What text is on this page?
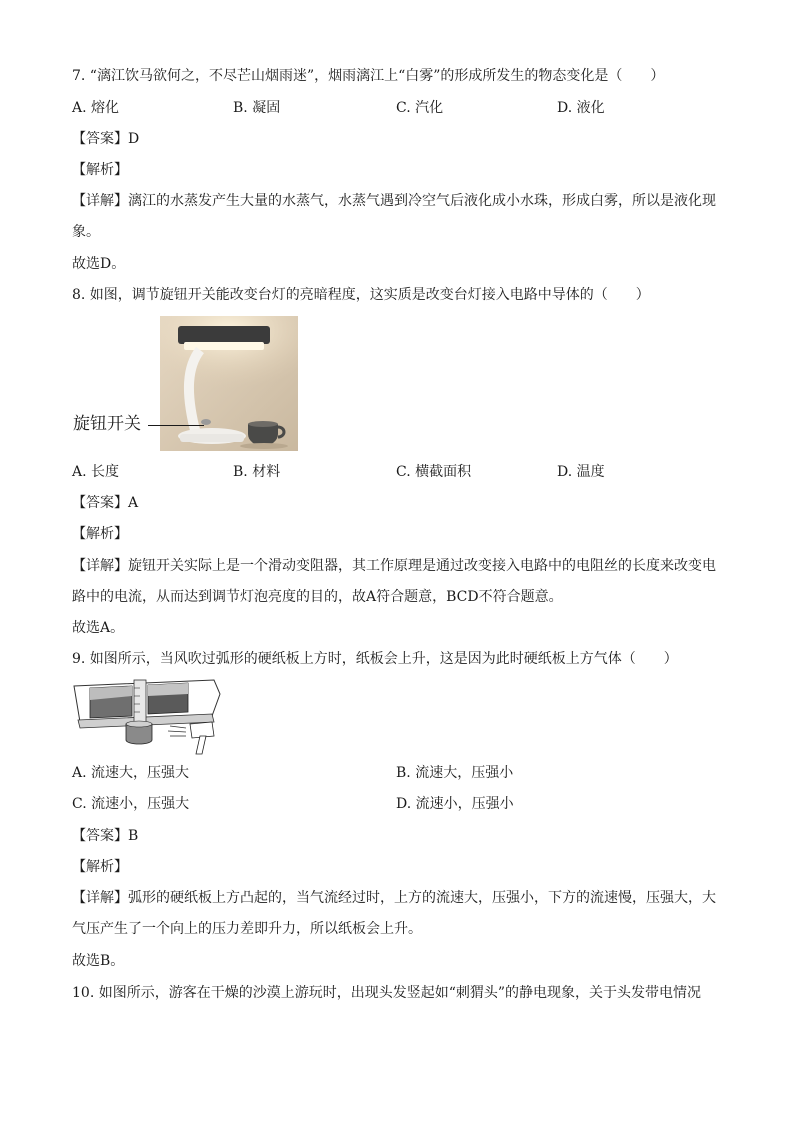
7. “漓江饮马欲何之，不尽芒山烟雨迷”，烟雨漓江上“白雾”的形成所发生的物态变化是（　　）
A. 熔化	B. 凝固	C. 汽化	D. 液化
【答案】D
【解析】
【详解】漓江的水蒸发产生大量的水蒸气，水蒸气遇到冷空气后液化成小水珠，形成白雾，所以是液化现象。
故选D。
8. 如图，调节旋钮开关能改变台灯的亮暗程度，这实质是改变台灯接入电路中导体的（　　）
旋钮开关
A. 长度	B. 材料	C. 横截面积	D. 温度
【答案】A
【解析】
【详解】旋钮开关实际上是一个滑动变阻器，其工作原理是通过改变接入电路中的电阻丝的长度来改变电路中的电流，从而达到调节灯泡亮度的目的，故A符合题意，BCD不符合题意。
故选A。
9. 如图所示，当风吹过弧形的硬纸板上方时，纸板会上升，这是因为此时硬纸板上方气体（　　）
A. 流速大，压强大	B. 流速大，压强小
C. 流速小，压强大	D. 流速小，压强小
【答案】B
【解析】
【详解】弧形的硬纸板上方凸起的，当气流经过时，上方的流速大，压强小，下方的流速慢，压强大，大气压产生了一个向上的压力差即升力，所以纸板会上升。
故选B。
10. 如图所示，游客在干燥的沙漠上游玩时，出现头发竖起如“刺猬头”的静电现象，关于头发带电情况
